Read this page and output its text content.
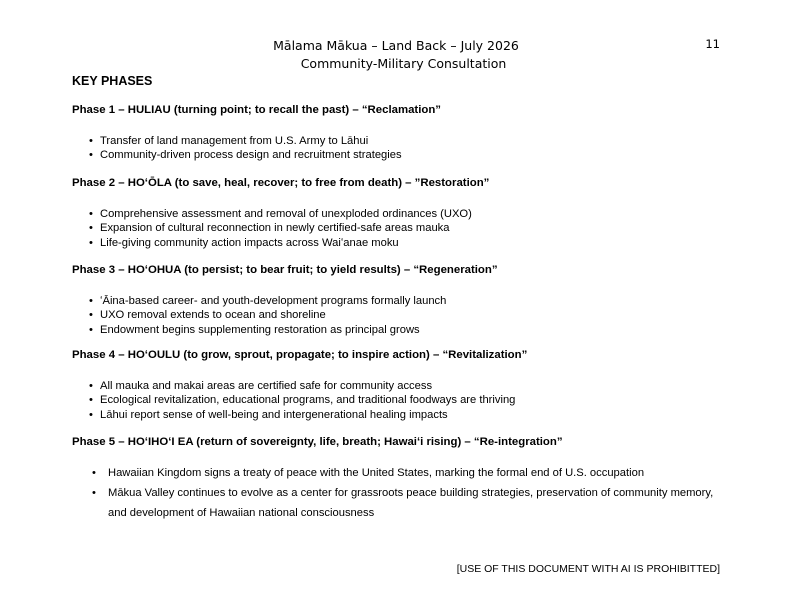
Mālama Mākua – Land Back – July 2026
Community-Military Consultation
11
KEY PHASES
Phase 1 – HULIAU (turning point; to recall the past) – “Reclamation”
• Transfer of land management from U.S. Army to Lāhui
• Community-driven process design and recruitment strategies
Phase 2 – HOʻŌLA (to save, heal, recover; to free from death) – ”Restoration”
• Comprehensive assessment and removal of unexploded ordinances (UXO)
• Expansion of cultural reconnection in newly certified-safe areas mauka
• Life-giving community action impacts across Waiʻanae moku
Phase 3 – HOʻOHUA (to persist; to bear fruit; to yield results) – “Regeneration”
• ʻĀina-based career- and youth-development programs formally launch
• UXO removal extends to ocean and shoreline
• Endowment begins supplementing restoration as principal grows
Phase 4 – HOʻOULU (to grow, sprout, propagate; to inspire action) – “Revitalization”
• All mauka and makai areas are certified safe for community access
• Ecological revitalization, educational programs, and traditional foodways are thriving
• Lāhui report sense of well-being and intergenerational healing impacts
Phase 5 – HOʻIHOʻI EA (return of sovereignty, life, breath; Hawaiʻi rising) – “Re-integration”
• Hawaiian Kingdom signs a treaty of peace with the United States, marking the formal end of U.S. occupation
• Mākua Valley continues to evolve as a center for grassroots peace building strategies, preservation of community memory, and development of Hawaiian national consciousness
[USE OF THIS DOCUMENT WITH AI IS PROHIBITTED]
